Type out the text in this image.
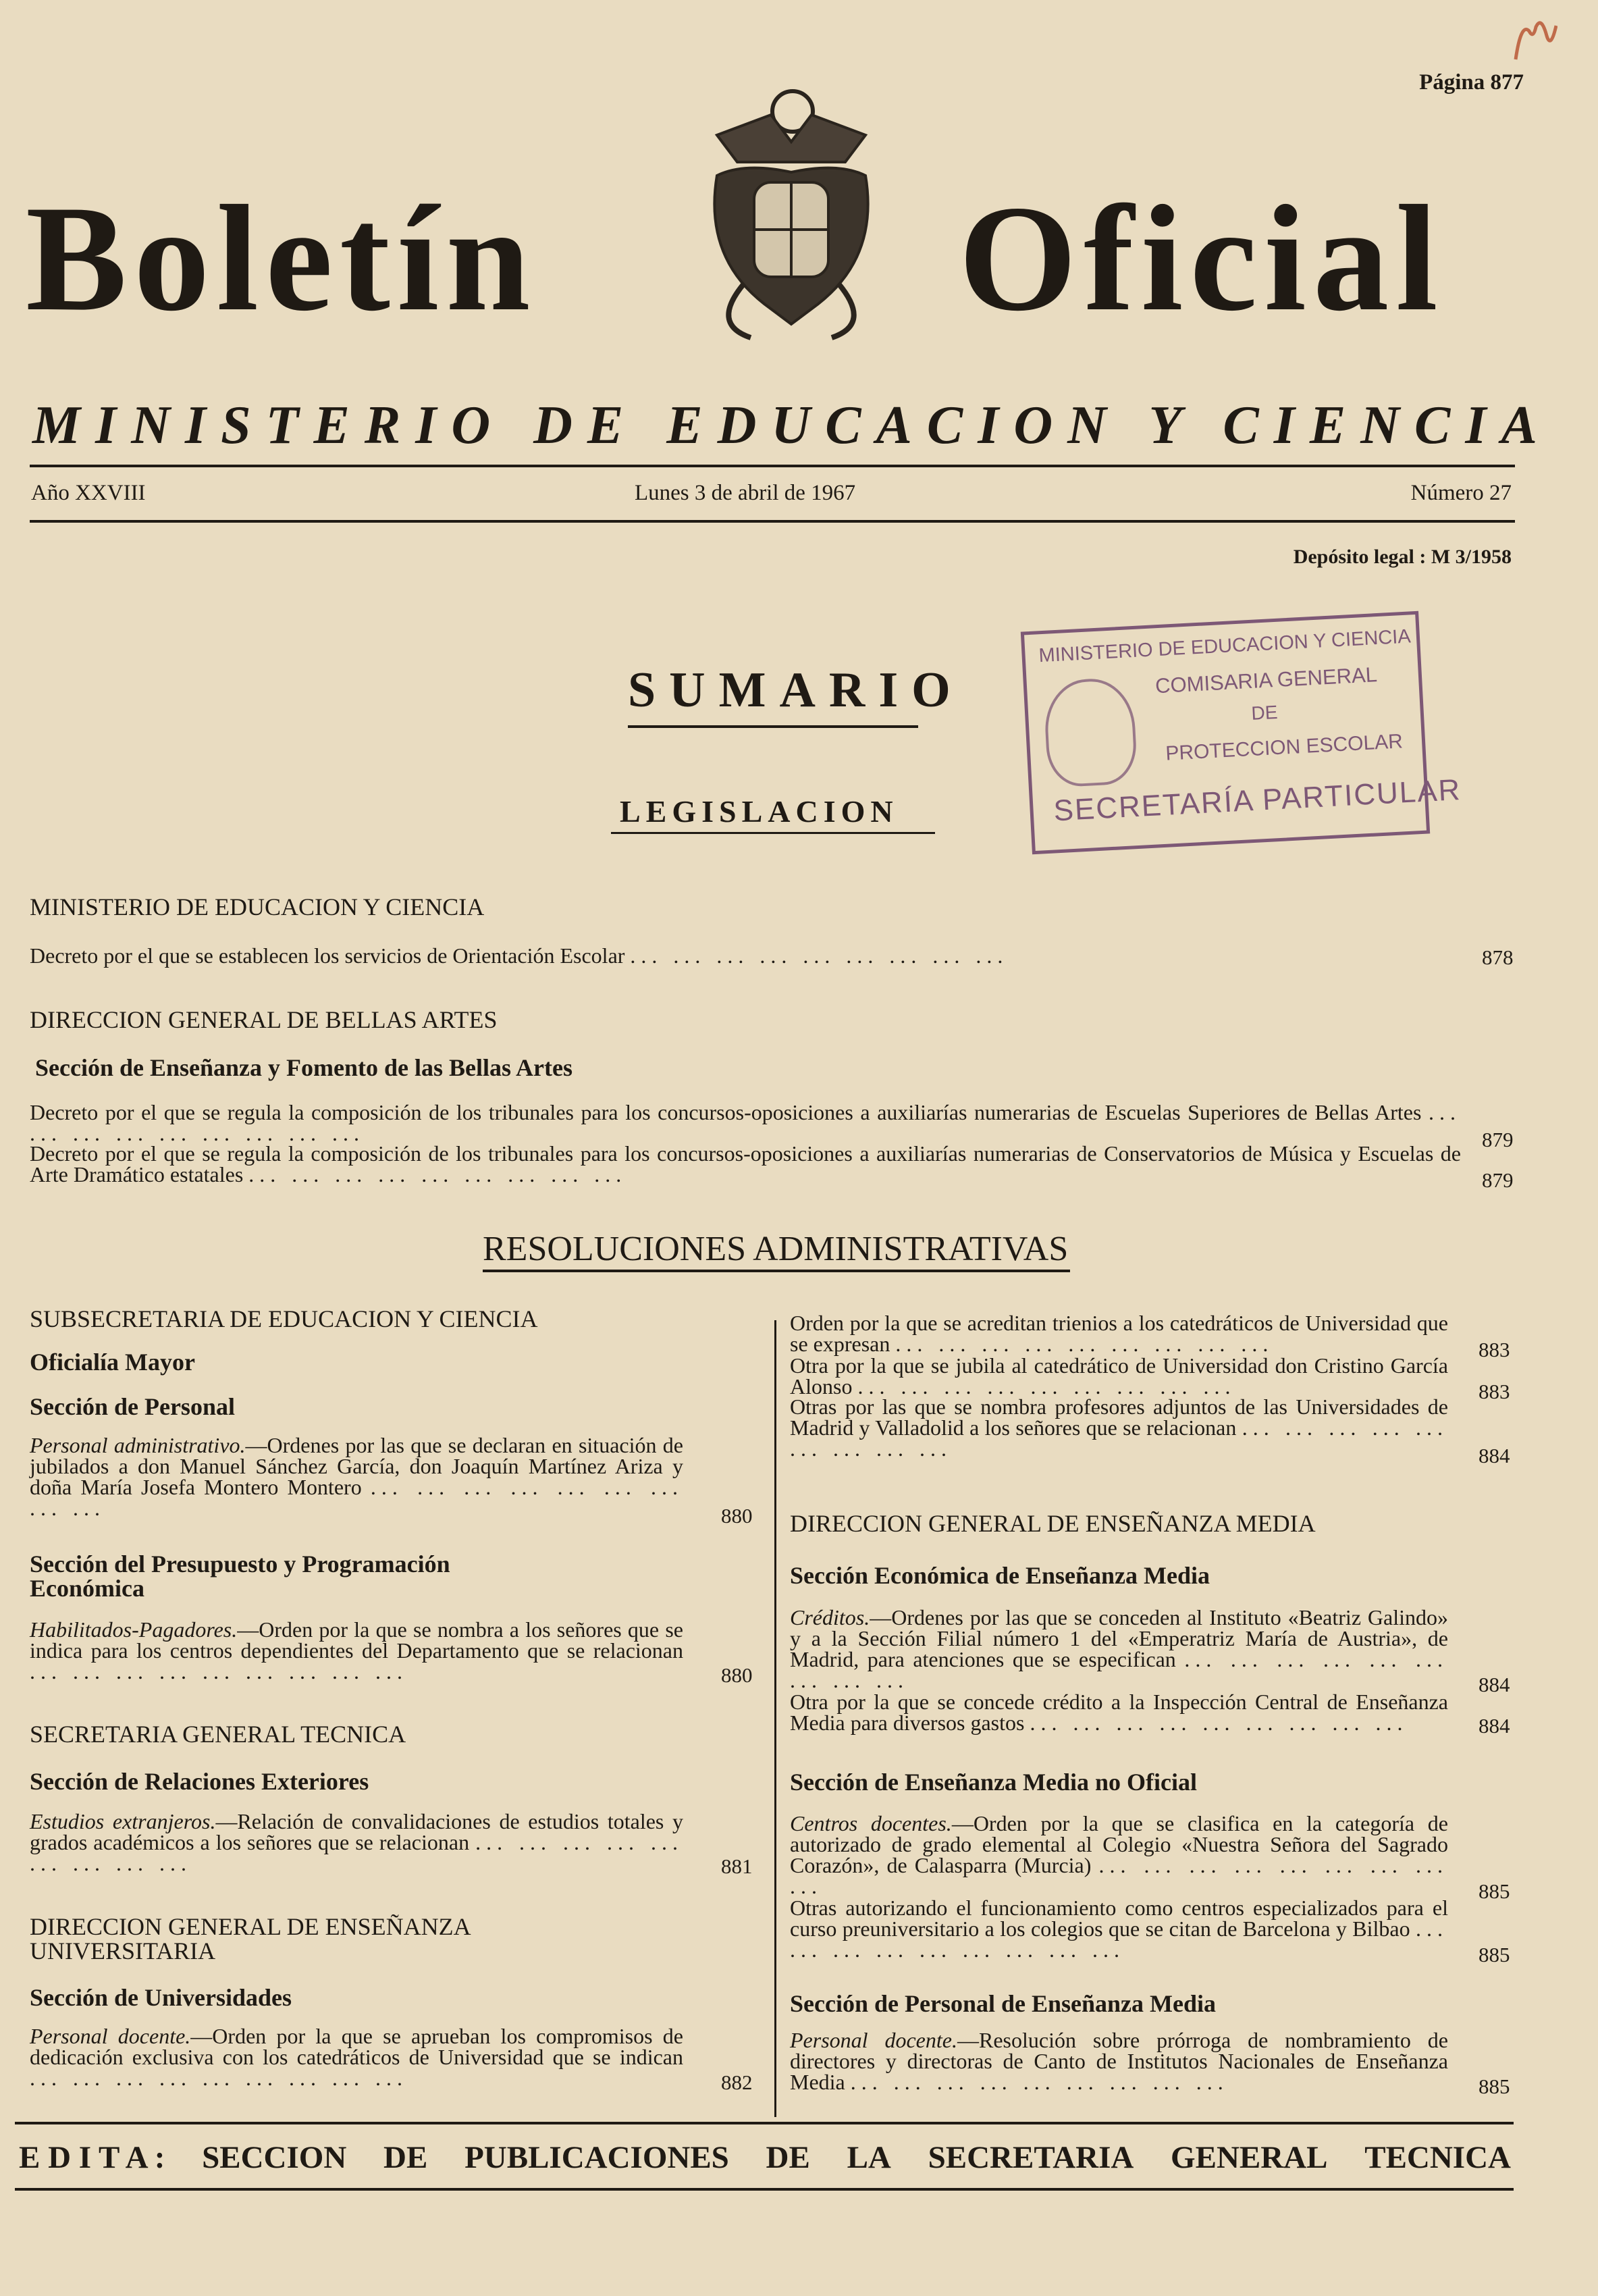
Página 877
Boletín	Oficial
MINISTERIO DE EDUCACION Y CIENCIA
Año XXVIII	Lunes 3 de abril de 1967	Número 27
Depósito legal : M 3/1958
MINISTERIO DE EDUCACION Y CIENCIA
COMISARIA GENERAL
DE
PROTECCION ESCOLAR
SECRETARÍA PARTICULAR
SUMARIO
LEGISLACION
MINISTERIO DE EDUCACION Y CIENCIA
Decreto por el que se establecen los servicios de Orientación Escolar ... ... ... ... ... ... ... ... ...	878
DIRECCION GENERAL DE BELLAS ARTES
Sección de Enseñanza y Fomento de las Bellas Artes
Decreto por el que se regula la composición de los tribunales para los concursos-oposiciones a auxiliarías numerarias de Escuelas Superiores de Bellas Artes ... ... ... ... ... ... ... ... ...	879
Decreto por el que se regula la composición de los tribunales para los concursos-oposiciones a auxiliarías numerarias de Conservatorios de Música y Escuelas de Arte Dramático estatales ... ... ... ... ... ... ... ... ...	879
RESOLUCIONES ADMINISTRATIVAS
SUBSECRETARIA DE EDUCACION Y CIENCIA
Oficialía Mayor
Sección de Personal
Personal administrativo.—Ordenes por las que se declaran en situación de jubilados a don Manuel Sánchez García, don Joaquín Martínez Ariza y doña María Josefa Montero Montero ... ... ... ... ... ... ... ... ...	880
Sección del Presupuesto y Programación Económica
Habilitados-Pagadores.—Orden por la que se nombra a los señores que se indica para los centros dependientes del Departamento que se relacionan ... ... ... ... ... ... ... ... ...	880
SECRETARIA GENERAL TECNICA
Sección de Relaciones Exteriores
Estudios extranjeros.—Relación de convalidaciones de estudios totales y grados académicos a los señores que se relacionan ... ... ... ... ... ... ... ... ...	881
DIRECCION GENERAL DE ENSEÑANZA UNIVERSITARIA
Sección de Universidades
Personal docente.—Orden por la que se aprueban los compromisos de dedicación exclusiva con los catedráticos de Universidad que se indican ... ... ... ... ... ... ... ... ...	882
Orden por la que se acreditan trienios a los catedráticos de Universidad que se expresan ... ... ... ... ... ... ... ... ...	883
Otra por la que se jubila al catedrático de Universidad don Cristino García Alonso ... ... ... ... ... ... ... ... ...	883
Otras por las que se nombra profesores adjuntos de las Universidades de Madrid y Valladolid a los señores que se relacionan ... ... ... ... ... ... ... ... ...	884
DIRECCION GENERAL DE ENSEÑANZA MEDIA
Sección Económica de Enseñanza Media
Créditos.—Ordenes por las que se conceden al Instituto «Beatriz Galindo» y a la Sección Filial número 1 del «Emperatriz María de Austria», de Madrid, para atenciones que se especifican ... ... ... ... ... ... ... ... ...	884
Otra por la que se concede crédito a la Inspección Central de Enseñanza Media para diversos gastos ... ... ... ... ... ... ... ... ...	884
Sección de Enseñanza Media no Oficial
Centros docentes.—Orden por la que se clasifica en la categoría de autorizado de grado elemental al Colegio «Nuestra Señora del Sagrado Corazón», de Calasparra (Murcia) ... ... ... ... ... ... ... ... ...	885
Otras autorizando el funcionamiento como centros especializados para el curso preuniversitario a los colegios que se citan de Barcelona y Bilbao ... ... ... ... ... ... ... ... ...	885
Sección de Personal de Enseñanza Media
Personal docente.—Resolución sobre prórroga de nombramiento de directores y directoras de Canto de Institutos Nacionales de Enseñanza Media ... ... ... ... ... ... ... ... ...	885
E D I T A : SECCION DE PUBLICACIONES DE LA SECRETARIA GENERAL TECNICA
